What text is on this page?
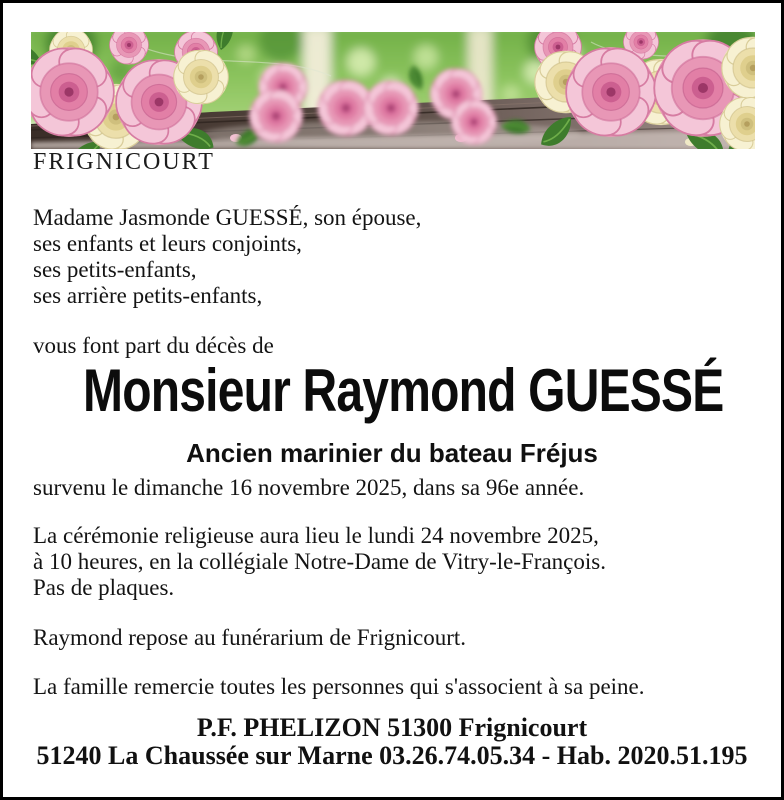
FRIGNICOURT
Madame Jasmonde GUESSÉ, son épouse,
ses enfants et leurs conjoints,
ses petits-enfants,
ses arrière petits-enfants,
vous font part du décès de
Monsieur Raymond GUESSÉ
Ancien marinier du bateau Fréjus
survenu le dimanche 16 novembre 2025, dans sa 96e année.
La cérémonie religieuse aura lieu le lundi 24 novembre 2025,
à 10 heures, en la collégiale Notre-Dame de Vitry-le-François.
Pas de plaques.
Raymond repose au funérarium de Frignicourt.
La famille remercie toutes les personnes qui s'associent à sa peine.
P.F. PHELIZON 51300 Frignicourt
51240 La Chaussée sur Marne 03.26.74.05.34 - Hab. 2020.51.195
